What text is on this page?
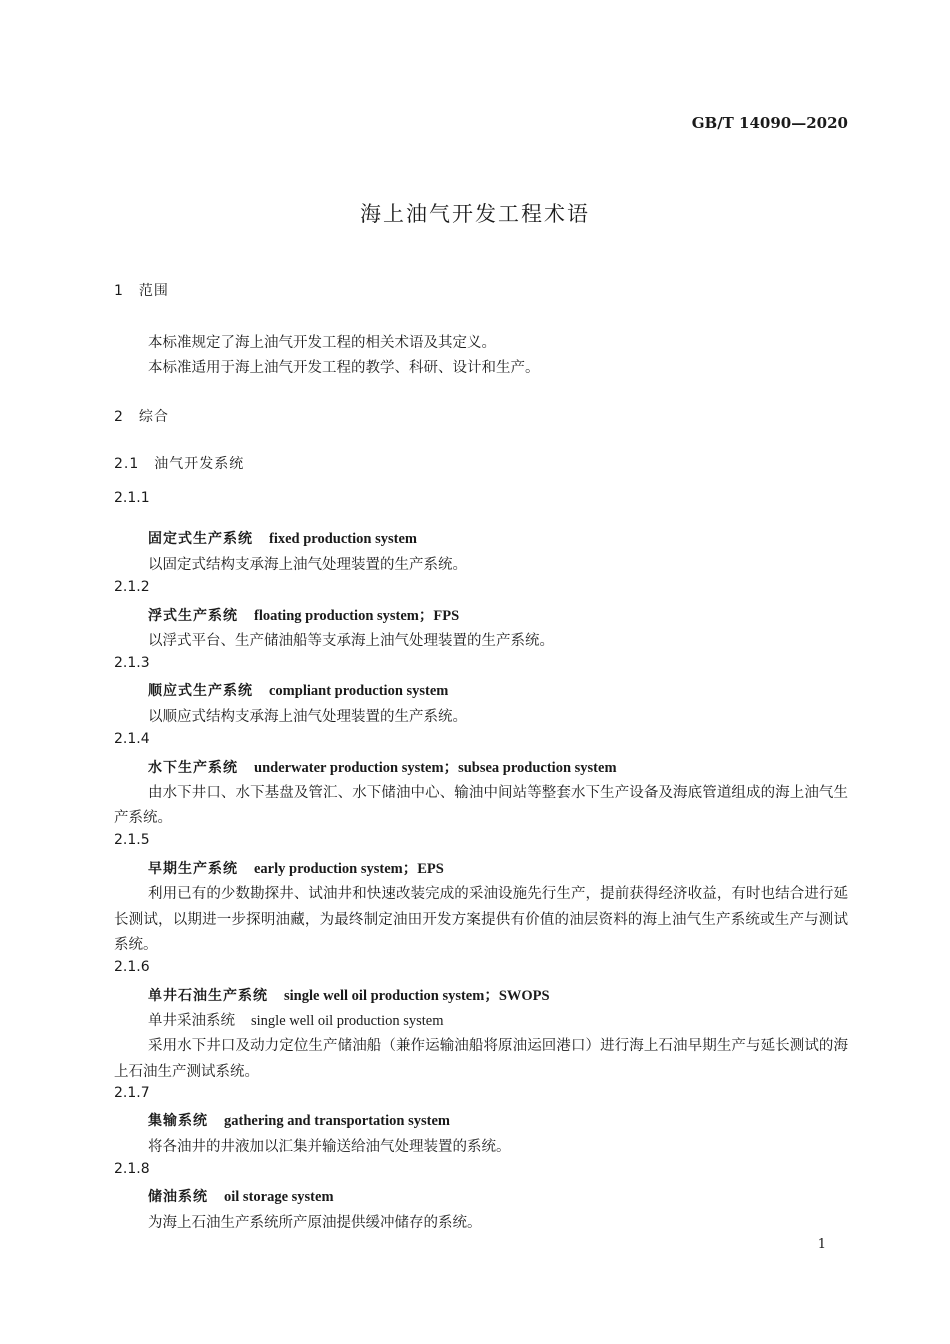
GB/T 14090—2020
海上油气开发工程术语
1　范围
本标准规定了海上油气开发工程的相关术语及其定义。
本标准适用于海上油气开发工程的教学、科研、设计和生产。
2　综合
2.1　油气开发系统
2.1.1
固定式生产系统 fixed production system
以固定式结构支承海上油气处理装置的生产系统。
2.1.2
浮式生产系统 floating production system；FPS
以浮式平台、生产储油船等支承海上油气处理装置的生产系统。
2.1.3
顺应式生产系统 compliant production system
以顺应式结构支承海上油气处理装置的生产系统。
2.1.4
水下生产系统 underwater production system；subsea production system
由水下井口、水下基盘及管汇、水下储油中心、输油中间站等整套水下生产设备及海底管道组成的海上油气生产系统。
2.1.5
早期生产系统 early production system；EPS
利用已有的少数勘探井、试油井和快速改装完成的采油设施先行生产，提前获得经济收益，有时也结合进行延长测试，以期进一步探明油藏，为最终制定油田开发方案提供有价值的油层资料的海上油气生产系统或生产与测试系统。
2.1.6
单井石油生产系统 single well oil production system；SWOPS
单井采油系统 single well oil production system
采用水下井口及动力定位生产储油船（兼作运输油船将原油运回港口）进行海上石油早期生产与延长测试的海上石油生产测试系统。
2.1.7
集输系统 gathering and transportation system
将各油井的井液加以汇集并输送给油气处理装置的系统。
2.1.8
储油系统 oil storage system
为海上石油生产系统所产原油提供缓冲储存的系统。
1
